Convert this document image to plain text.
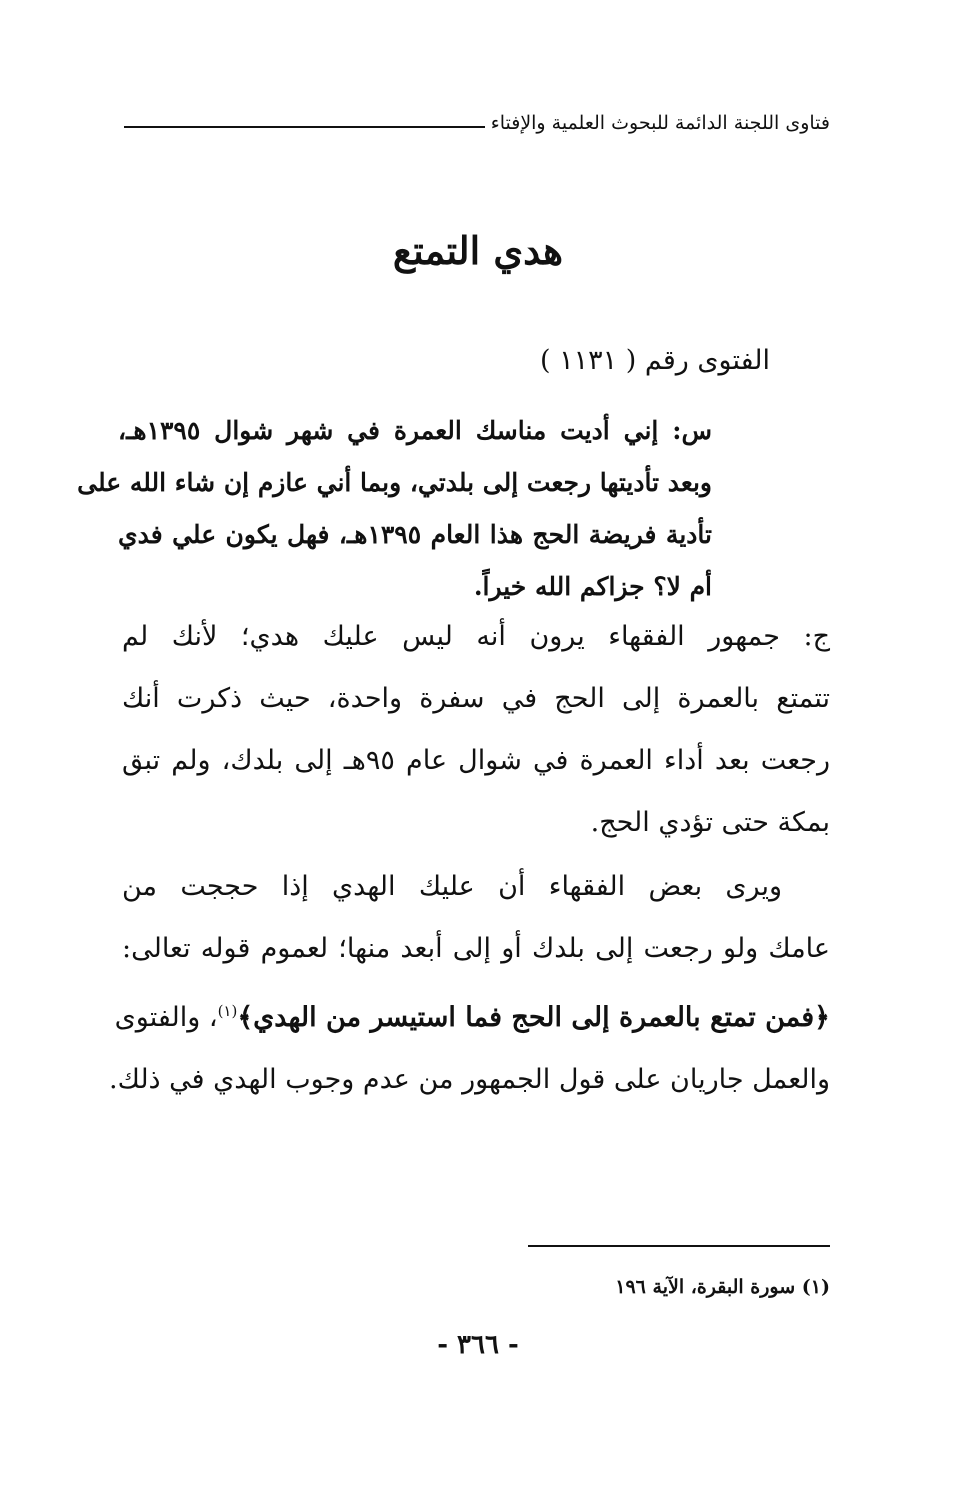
فتاوى اللجنة الدائمة للبحوث العلمية والإفتاء
هدي التمتع
الفتوى رقم ( ١١٣١ )
س: إني أديت مناسك العمرة في شهر شوال ١٣٩٥هـ،
وبعد تأديتها رجعت إلى بلدتي، وبما أني عازم إن شاء الله على
تأدية فريضة الحج هذا العام ١٣٩٥هـ، فهل يكون علي فدي
أم لا؟ جزاكم الله خيراً.
ج: جمهور الفقهاء يرون أنه ليس عليك هدي؛ لأنك لم
تتمتع بالعمرة إلى الحج في سفرة واحدة، حيث ذكرت أنك
رجعت بعد أداء العمرة في شوال عام ٩٥هـ إلى بلدك، ولم تبق
بمكة حتى تؤدي الحج.
ويرى بعض الفقهاء أن عليك الهدي إذا حججت من
عامك ولو رجعت إلى بلدك أو إلى أبعد منها؛ لعموم قوله تعالى:
﴿فمن تمتع بالعمرة إلى الحج فما استيسر من الهدي﴾$^{(١)}$، والفتوى
والعمل جاريان على قول الجمهور من عدم وجوب الهدي في ذلك.
(١) سورة البقرة، الآية ١٩٦
- ٣٦٦ -
